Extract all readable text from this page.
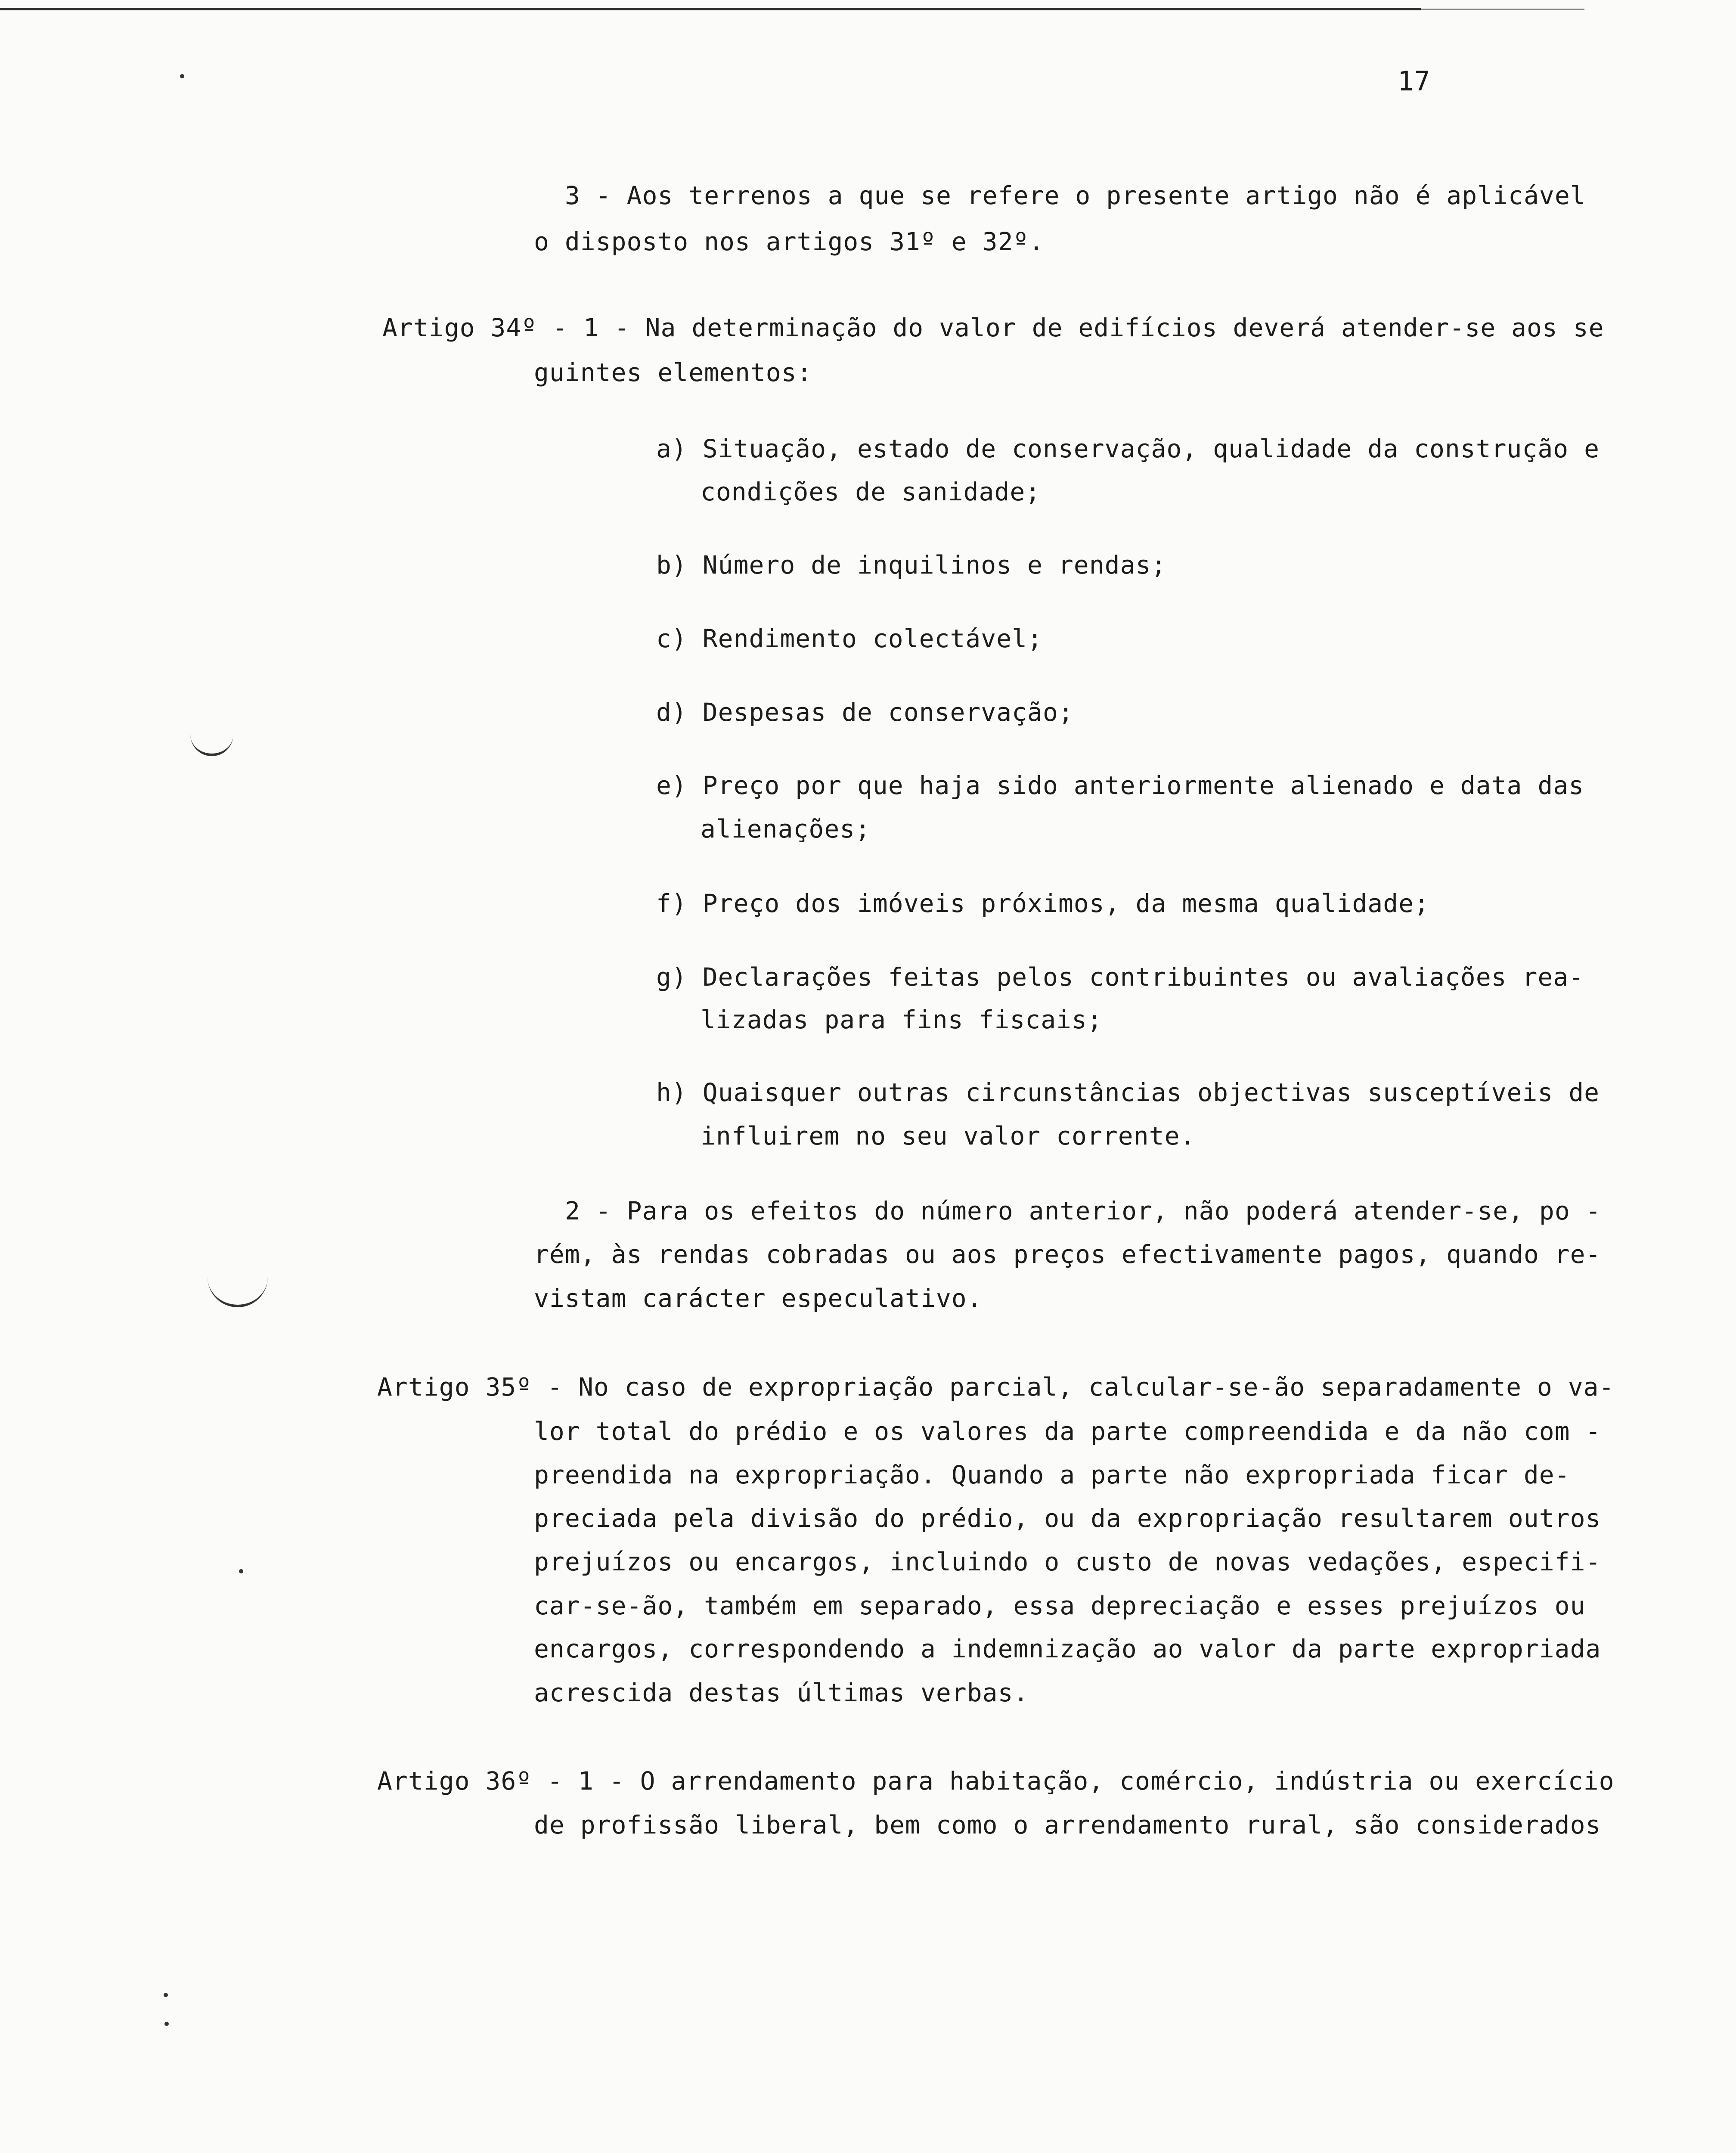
17
3 - Aos terrenos a que se refere o presente artigo não é aplicável
o disposto nos artigos 31º e 32º.
Artigo 34º - 1 - Na determinação do valor de edifícios deverá atender-se aos se
guintes elementos:
a) Situação, estado de conservação, qualidade da construção e
condições de sanidade;
b) Número de inquilinos e rendas;
c) Rendimento colectável;
d) Despesas de conservação;
e) Preço por que haja sido anteriormente alienado e data das
alienações;
f) Preço dos imóveis próximos, da mesma qualidade;
g) Declarações feitas pelos contribuintes ou avaliações rea-
lizadas para fins fiscais;
h) Quaisquer outras circunstâncias objectivas susceptíveis de
influirem no seu valor corrente.
2 - Para os efeitos do número anterior, não poderá atender-se, po -
rém, às rendas cobradas ou aos preços efectivamente pagos, quando re-
vistam carácter especulativo.
Artigo 35º - No caso de expropriação parcial, calcular-se-ão separadamente o va-
lor total do prédio e os valores da parte compreendida e da não com -
preendida na expropriação. Quando a parte não expropriada ficar de-
preciada pela divisão do prédio, ou da expropriação resultarem outros
prejuízos ou encargos, incluindo o custo de novas vedações, especifi-
car-se-ão, também em separado, essa depreciação e esses prejuízos ou
encargos, correspondendo a indemnização ao valor da parte expropriada
acrescida destas últimas verbas.
Artigo 36º - 1 - O arrendamento para habitação, comércio, indústria ou exercício
de profissão liberal, bem como o arrendamento rural, são considerados
